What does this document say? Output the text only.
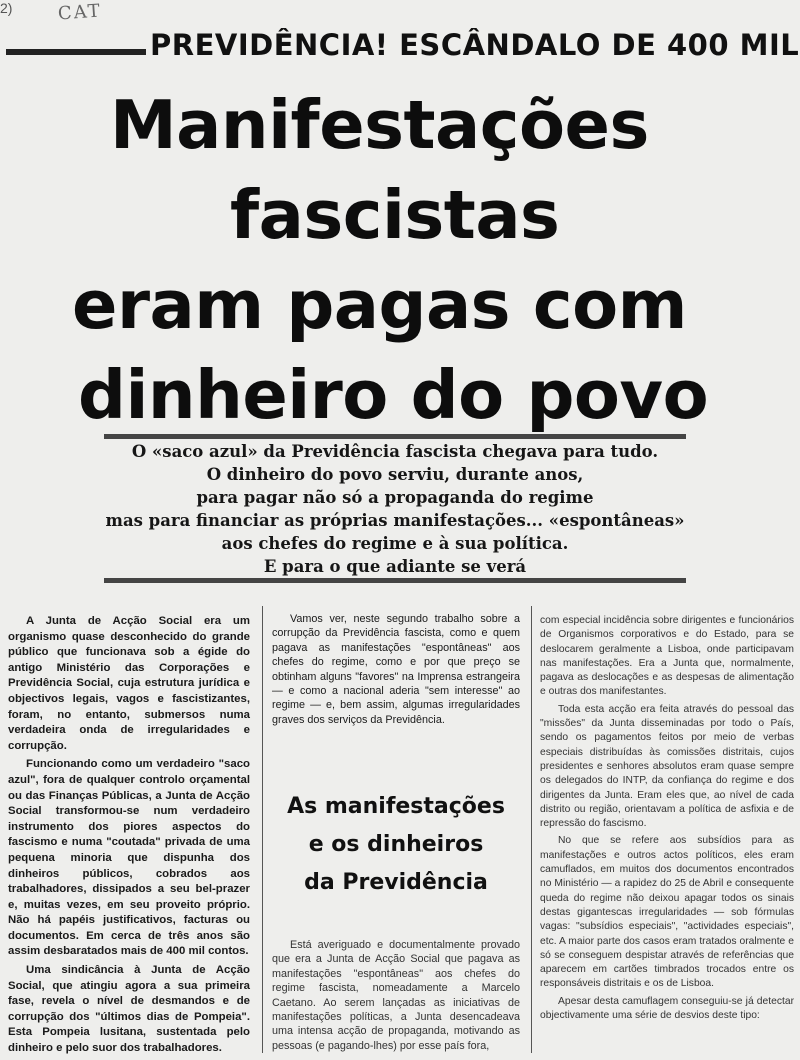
2) CAT
PREVIDÊNCIA! ESCÂNDALO DE 400 MIL
Manifestações
fascistas
eram pagas com
dinheiro do povo
O «saco azul» da Previdência fascista chegava para tudo.
O dinheiro do povo serviu, durante anos,
para pagar não só a propaganda do regime
mas para financiar as próprias manifestações... «espontâneas»
aos chefes do regime e à sua política.
E para o que adiante se verá

A Junta de Acção Social era um organismo quase desconhecido do grande público que funcionava sob a égide do antigo Ministério das Corporações e Previdência Social, cuja estrutura jurídica e objectivos legais, vagos e fascistizantes, foram, no entanto, submersos numa verdadeira onda de irregularidades e corrupção.

Funcionando como um verdadeiro "saco azul", fora de qualquer controlo orçamental ou das Finanças Públicas, a Junta de Acção Social transformou-se num verdadeiro instrumento dos piores aspectos do fascismo e numa "coutada" privada de uma pequena minoria que dispunha dos dinheiros públicos, cobrados aos trabalhadores, dissipados a seu bel-prazer e, muitas vezes, em seu proveito próprio. Não há papéis justificativos, facturas ou documentos. Em cerca de três anos são assim desbaratados mais de 400 mil contos.

Uma sindicância à Junta de Acção Social, que atingiu agora a sua primeira fase, revela o nível de desmandos e de corrupção dos "últimos dias de Pompeia". Esta Pompeia lusitana, sustentada pelo dinheiro e pelo suor dos trabalhadores.

Vamos ver, neste segundo trabalho sobre a corrupção da Previdência fascista, como e quem pagava as manifestações "espontâneas" aos chefes do regime, como e por que preço se obtinham alguns "favores" na Imprensa estrangeira — e como a nacional aderia "sem interesse" ao regime — e, bem assim, algumas irregularidades graves dos serviços da Previdência.

As manifestações
e os dinheiros
da Previdência

Está averiguado e documentalmente provado que era a Junta de Acção Social que pagava as manifestações "espontâneas" aos chefes do regime fascista, nomeadamente a Marcelo Caetano. Ao serem lançadas as iniciativas de manifestações políticas, a Junta desencadeava uma intensa acção de propaganda, motivando as pessoas (e pagando-lhes) por esse país fora,

com especial incidência sobre dirigentes e funcionários de Organismos corporativos e do Estado, para se deslocarem geralmente a Lisboa, onde participavam nas manifestações. Era a Junta que, normalmente, pagava as deslocações e as despesas de alimentação e outras dos manifestantes.

Toda esta acção era feita através do pessoal das "missões" da Junta disseminadas por todo o País, sendo os pagamentos feitos por meio de verbas especiais distribuídas às comissões distritais, cujos presidentes e senhores absolutos eram quase sempre os delegados do INTP, da confiança do regime e dos dirigentes da Junta. Eram eles que, ao nível de cada distrito ou região, orientavam a política de asfixia e de repressão do fascismo.

No que se refere aos subsídios para as manifestações e outros actos políticos, eles eram camuflados, em muitos dos documentos encontrados no Ministério — a rapidez do 25 de Abril e consequente queda do regime não deixou apagar todos os sinais destas gigantescas irregularidades — sob fórmulas vagas: "subsídios especiais", "actividades especiais", etc. A maior parte dos casos eram tratados oralmente e só se conseguem despistar através de referências que aparecem em cartões timbrados trocados entre os responsáveis distritais e os de Lisboa.

Apesar desta camuflagem conseguiu-se já detectar objectivamente uma série de desvios deste tipo:
